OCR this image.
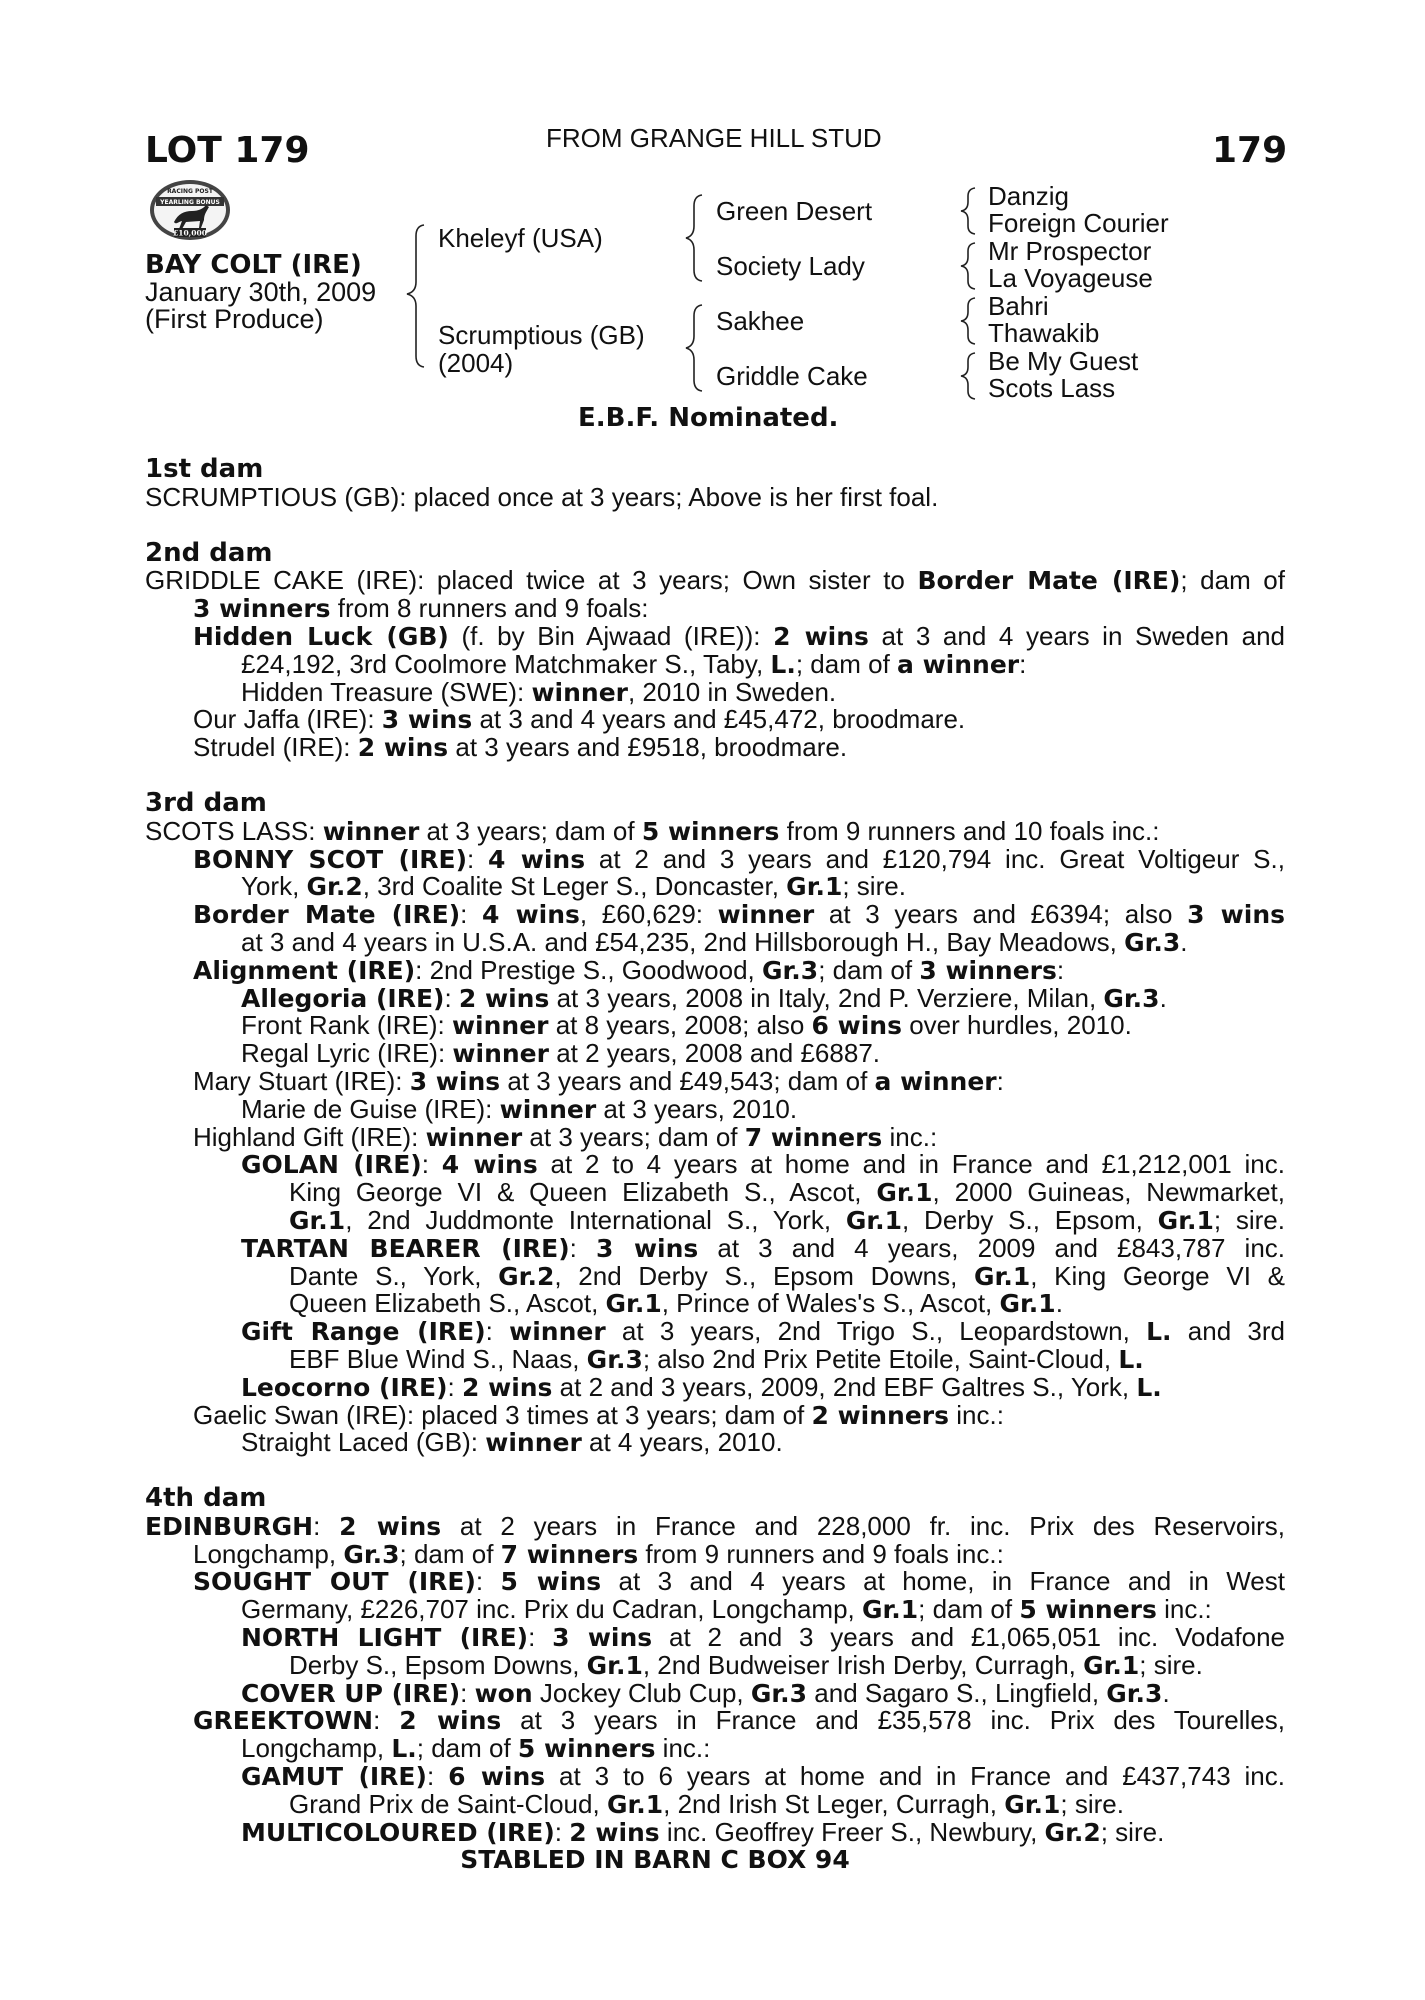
LOT 179	FROM GRANGE HILL STUD	179
RACING POST
YEARLING BONUS
£10,000
BAY COLT (IRE)
January 30th, 2009
(First Produce)
Kheleyf (USA)
Scrumptious (GB)
(2004)
Green Desert
Society Lady
Sakhee
Griddle Cake
Danzig
Foreign Courier
Mr Prospector
La Voyageuse
Bahri
Thawakib
Be My Guest
Scots Lass
E.B.F. Nominated.
1st dam
SCRUMPTIOUS (GB): placed once at 3 years; Above is her first foal.
2nd dam
GRIDDLE CAKE (IRE): placed twice at 3 years; Own sister to Border Mate (IRE); dam of
3 winners from 8 runners and 9 foals:
Hidden Luck (GB) (f. by Bin Ajwaad (IRE)): 2 wins at 3 and 4 years in Sweden and
£24,192, 3rd Coolmore Matchmaker S., Taby, L.; dam of a winner:
Hidden Treasure (SWE): winner, 2010 in Sweden.
Our Jaffa (IRE): 3 wins at 3 and 4 years and £45,472, broodmare.
Strudel (IRE): 2 wins at 3 years and £9518, broodmare.
3rd dam
SCOTS LASS: winner at 3 years; dam of 5 winners from 9 runners and 10 foals inc.:
BONNY SCOT (IRE): 4 wins at 2 and 3 years and £120,794 inc. Great Voltigeur S.,
York, Gr.2, 3rd Coalite St Leger S., Doncaster, Gr.1; sire.
Border Mate (IRE): 4 wins, £60,629: winner at 3 years and £6394; also 3 wins
at 3 and 4 years in U.S.A. and £54,235, 2nd Hillsborough H., Bay Meadows, Gr.3.
Alignment (IRE): 2nd Prestige S., Goodwood, Gr.3; dam of 3 winners:
Allegoria (IRE): 2 wins at 3 years, 2008 in Italy, 2nd P. Verziere, Milan, Gr.3.
Front Rank (IRE): winner at 8 years, 2008; also 6 wins over hurdles, 2010.
Regal Lyric (IRE): winner at 2 years, 2008 and £6887.
Mary Stuart (IRE): 3 wins at 3 years and £49,543; dam of a winner:
Marie de Guise (IRE): winner at 3 years, 2010.
Highland Gift (IRE): winner at 3 years; dam of 7 winners inc.:
GOLAN (IRE): 4 wins at 2 to 4 years at home and in France and £1,212,001 inc.
King George VI & Queen Elizabeth S., Ascot, Gr.1, 2000 Guineas, Newmarket,
Gr.1, 2nd Juddmonte International S., York, Gr.1, Derby S., Epsom, Gr.1; sire.
TARTAN BEARER (IRE): 3 wins at 3 and 4 years, 2009 and £843,787 inc.
Dante S., York, Gr.2, 2nd Derby S., Epsom Downs, Gr.1, King George VI &
Queen Elizabeth S., Ascot, Gr.1, Prince of Wales's S., Ascot, Gr.1.
Gift Range (IRE): winner at 3 years, 2nd Trigo S., Leopardstown, L. and 3rd
EBF Blue Wind S., Naas, Gr.3; also 2nd Prix Petite Etoile, Saint-Cloud, L.
Leocorno (IRE): 2 wins at 2 and 3 years, 2009, 2nd EBF Galtres S., York, L.
Gaelic Swan (IRE): placed 3 times at 3 years; dam of 2 winners inc.:
Straight Laced (GB): winner at 4 years, 2010.
4th dam
EDINBURGH: 2 wins at 2 years in France and 228,000 fr. inc. Prix des Reservoirs,
Longchamp, Gr.3; dam of 7 winners from 9 runners and 9 foals inc.:
SOUGHT OUT (IRE): 5 wins at 3 and 4 years at home, in France and in West
Germany, £226,707 inc. Prix du Cadran, Longchamp, Gr.1; dam of 5 winners inc.:
NORTH LIGHT (IRE): 3 wins at 2 and 3 years and £1,065,051 inc. Vodafone
Derby S., Epsom Downs, Gr.1, 2nd Budweiser Irish Derby, Curragh, Gr.1; sire.
COVER UP (IRE): won Jockey Club Cup, Gr.3 and Sagaro S., Lingfield, Gr.3.
GREEKTOWN: 2 wins at 3 years in France and £35,578 inc. Prix des Tourelles,
Longchamp, L.; dam of 5 winners inc.:
GAMUT (IRE): 6 wins at 3 to 6 years at home and in France and £437,743 inc.
Grand Prix de Saint-Cloud, Gr.1, 2nd Irish St Leger, Curragh, Gr.1; sire.
MULTICOLOURED (IRE): 2 wins inc. Geoffrey Freer S., Newbury, Gr.2; sire.
STABLED IN BARN C BOX 94
